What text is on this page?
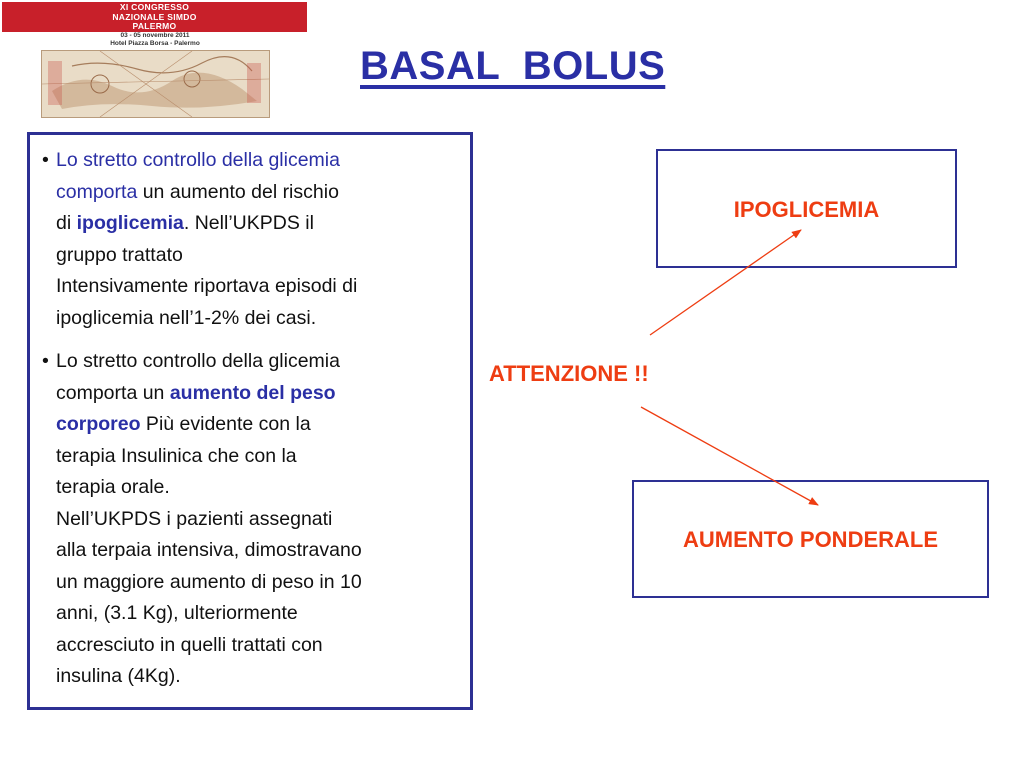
XI CONGRESSO
NAZIONALE SIMDO
PALERMO
03 - 05 novembre 2011
Hotel Piazza Borsa - Palermo
BASAL  BOLUS
• Lo stretto controllo della glicemia
comporta un aumento del rischio
di ipoglicemia. Nell’UKPDS il
gruppo trattato
Intensivamente riportava episodi di
ipoglicemia nell’1-2% dei casi.
• Lo stretto controllo della glicemia
comporta un aumento del peso
corporeo Più evidente con la
terapia Insulinica che con la
terapia orale.
Nell’UKPDS i pazienti assegnati
alla terpaia intensiva, dimostravano
un maggiore aumento di peso in 10
anni, (3.1 Kg), ulteriormente
accresciuto in quelli trattati con
insulina (4Kg).
IPOGLICEMIA
AUMENTO PONDERALE
ATTENZIONE !!
